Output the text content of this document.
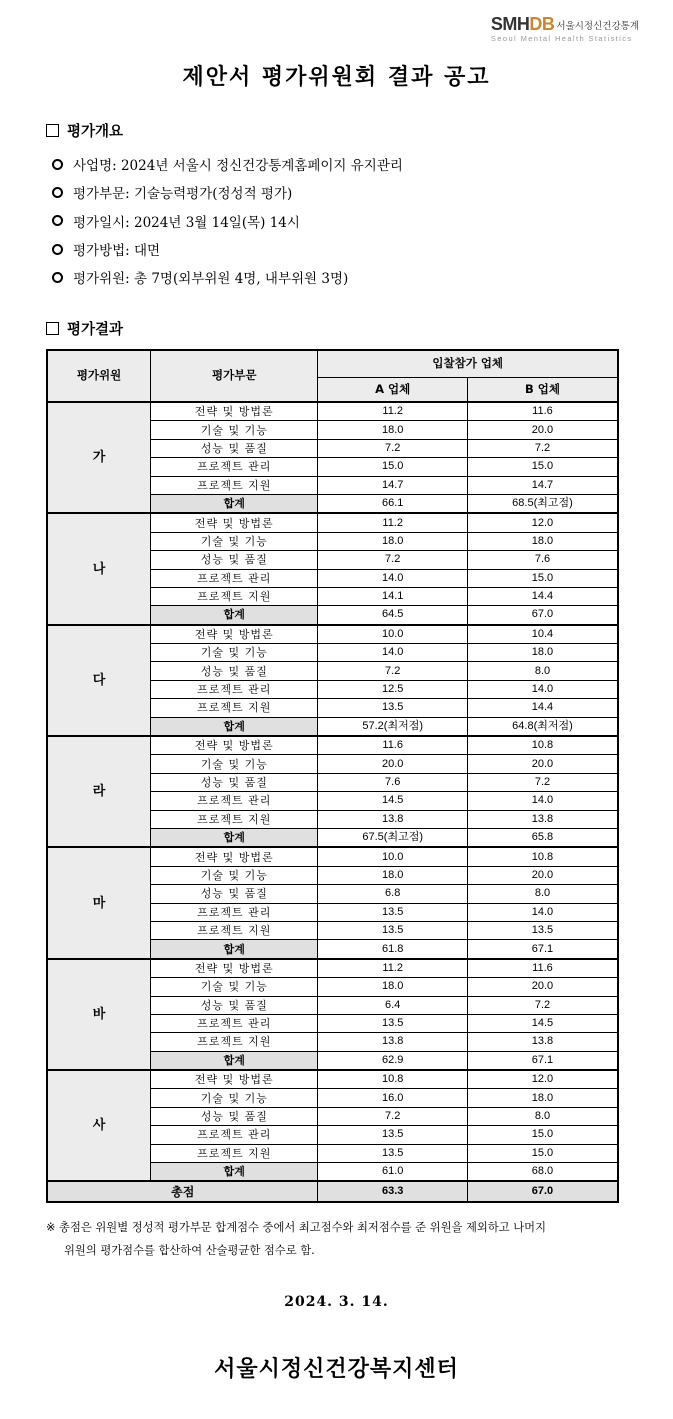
SMH DB 서울시정신건강통계
Seoul Mental Health Statistics
제안서 평가위원회 결과 공고
평가개요
사업명: 2024년 서울시 정신건강통계홈페이지 유지관리
평가부문: 기술능력평가(정성적 평가)
평가일시: 2024년 3월 14일(목) 14시
평가방법: 대면
평가위원: 총 7명(외부위원 4명, 내부위원 3명)
평가결과
평가위원	평가부문	입찰참가 업체	
		A 업체	B 업체
가	전략 및 방법론	11.2	11.6
	기술 및 기능	18.0	20.0
	성능 및 품질	7.2	7.2
	프로젝트 관리	15.0	15.0
	프로젝트 지원	14.7	14.7
	합계	66.1	68.5(최고점)
나	전략 및 방법론	11.2	12.0
	기술 및 기능	18.0	18.0
	성능 및 품질	7.2	7.6
	프로젝트 관리	14.0	15.0
	프로젝트 지원	14.1	14.4
	합계	64.5	67.0
다	전략 및 방법론	10.0	10.4
	기술 및 기능	14.0	18.0
	성능 및 품질	7.2	8.0
	프로젝트 관리	12.5	14.0
	프로젝트 지원	13.5	14.4
	합계	57.2(최저점)	64.8(최저점)
라	전략 및 방법론	11.6	10.8
	기술 및 기능	20.0	20.0
	성능 및 품질	7.6	7.2
	프로젝트 관리	14.5	14.0
	프로젝트 지원	13.8	13.8
	합계	67.5(최고점)	65.8
마	전략 및 방법론	10.0	10.8
	기술 및 기능	18.0	20.0
	성능 및 품질	6.8	8.0
	프로젝트 관리	13.5	14.0
	프로젝트 지원	13.5	13.5
	합계	61.8	67.1
바	전략 및 방법론	11.2	11.6
	기술 및 기능	18.0	20.0
	성능 및 품질	6.4	7.2
	프로젝트 관리	13.5	14.5
	프로젝트 지원	13.8	13.8
	합계	62.9	67.1
사	전략 및 방법론	10.8	12.0
	기술 및 기능	16.0	18.0
	성능 및 품질	7.2	8.0
	프로젝트 관리	13.5	15.0
	프로젝트 지원	13.5	15.0
	합계	61.0	68.0
총점		63.3	67.0
※ 총점은 위원별 정성적 평가부문 합계점수 중에서 최고점수와 최저점수를 준 위원을 제외하고 나머지
위원의 평가점수를 합산하여 산술평균한 점수로 함.
2024. 3. 14.
서울시정신건강복지센터
